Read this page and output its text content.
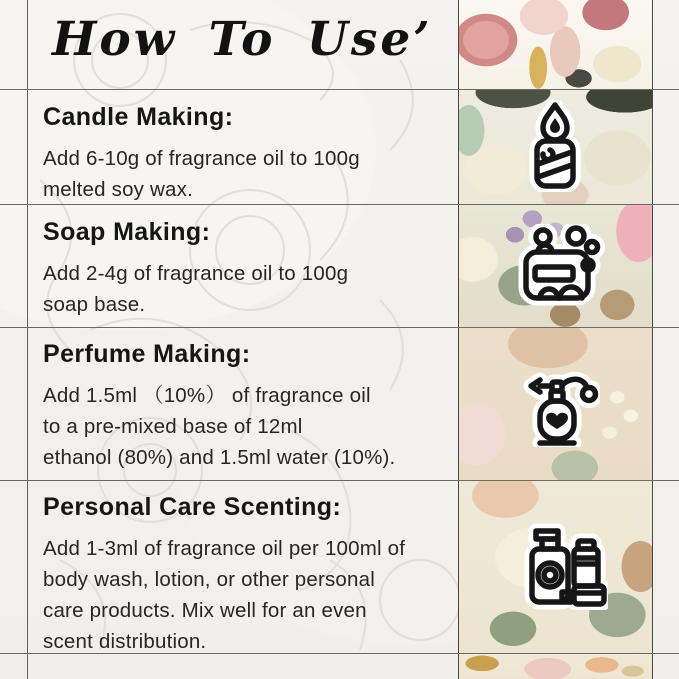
How To Use’
Candle Making:
Add 6-10g of fragrance oil to 100g
melted soy wax.
Soap Making:
Add 2-4g of fragrance oil to 100g
soap base.
Perfume Making:
Add 1.5ml （10%） of fragrance oil
to a pre-mixed base of 12ml
ethanol (80%) and 1.5ml water (10%).
Personal Care Scenting:
Add 1-3ml of fragrance oil per 100ml of
body wash, lotion, or other personal
care products. Mix well for an even
scent distribution.
